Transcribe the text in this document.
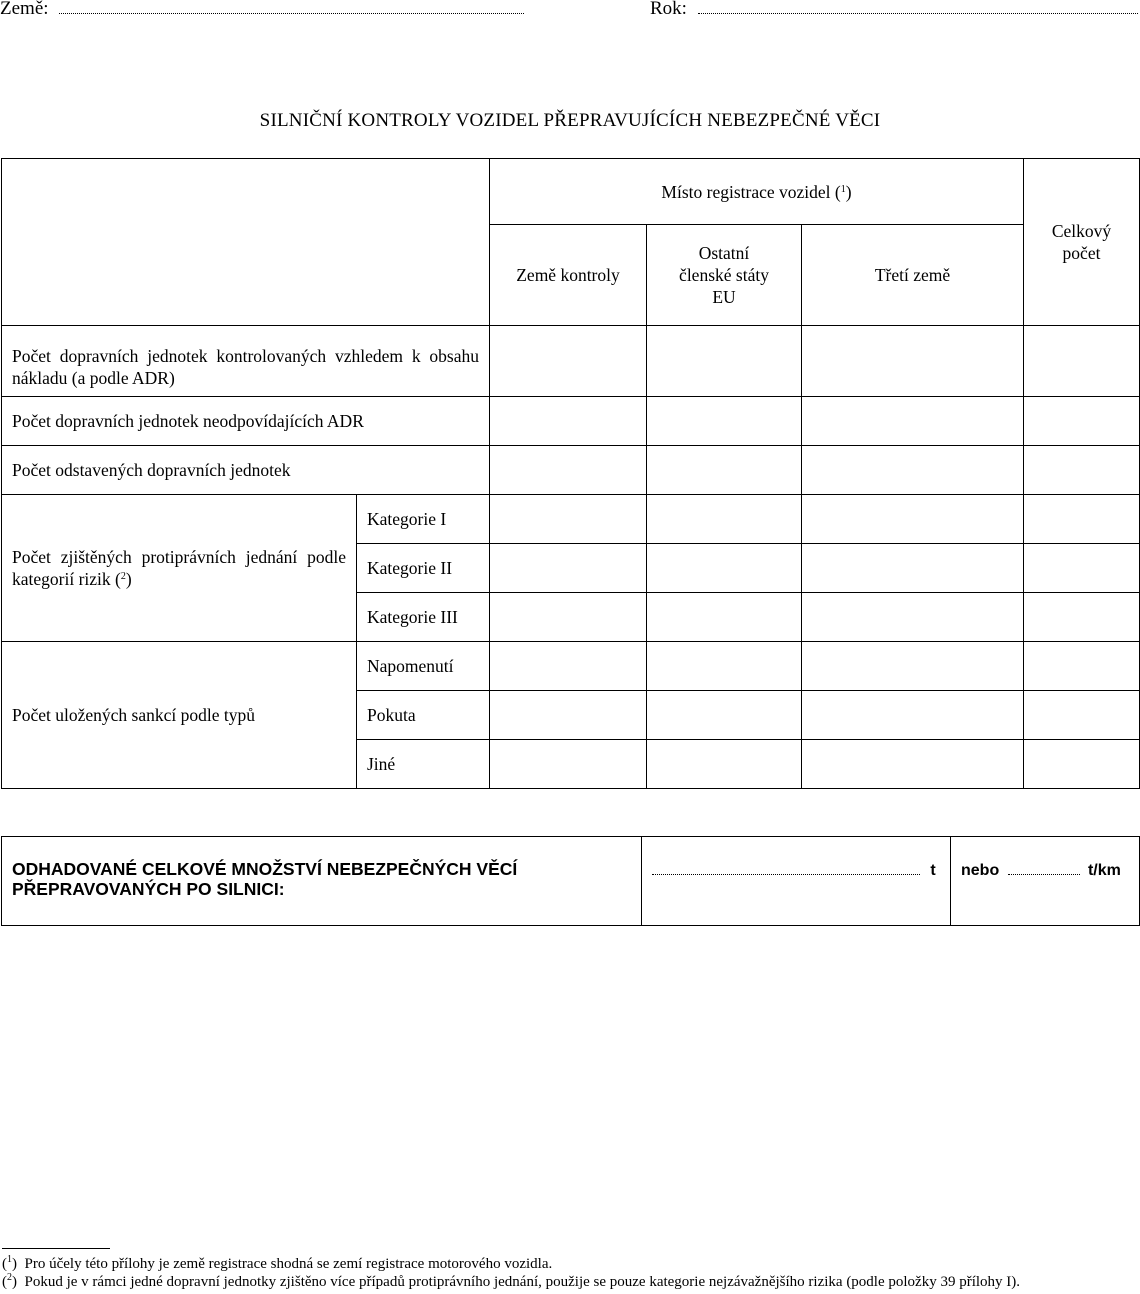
Země:	Rok:
SILNIČNÍ KONTROLY VOZIDEL PŘEPRAVUJÍCÍCH NEBEZPEČNÉ VĚCI
		Místo registrace vozidel ($^1$)			Celkový počet
		Země kontroly	Ostatní členské státy EU	Třetí země	
Počet dopravních jednotek kontrolovaných vzhledem k obsahu nákladu (a podle ADR)					
Počet dopravních jednotek neodpovídajících ADR					
Počet odstavených dopravních jednotek					
Počet zjištěných protiprávních jednání podle kategorií rizik ($^2$)	Kategorie I				
	Kategorie II				
	Kategorie III				
Počet uložených sankcí podle typů	Napomenutí				
	Pokuta				
	Jiné				
ODHADOVANÉ CELKOVÉ MNOŽSTVÍ NEBEZPEČNÝCH VĚCÍ PŘEPRAVOVANÝCH PO SILNICI:	t	nebo	t/km
($^1$)  Pro účely této přílohy je země registrace shodná se zemí registrace motorového vozidla.
($^2$)  Pokud je v rámci jedné dopravní jednotky zjištěno více případů protiprávního jednání, použije se pouze kategorie nejzávažnějšího rizika (podle položky 39 přílohy I).
